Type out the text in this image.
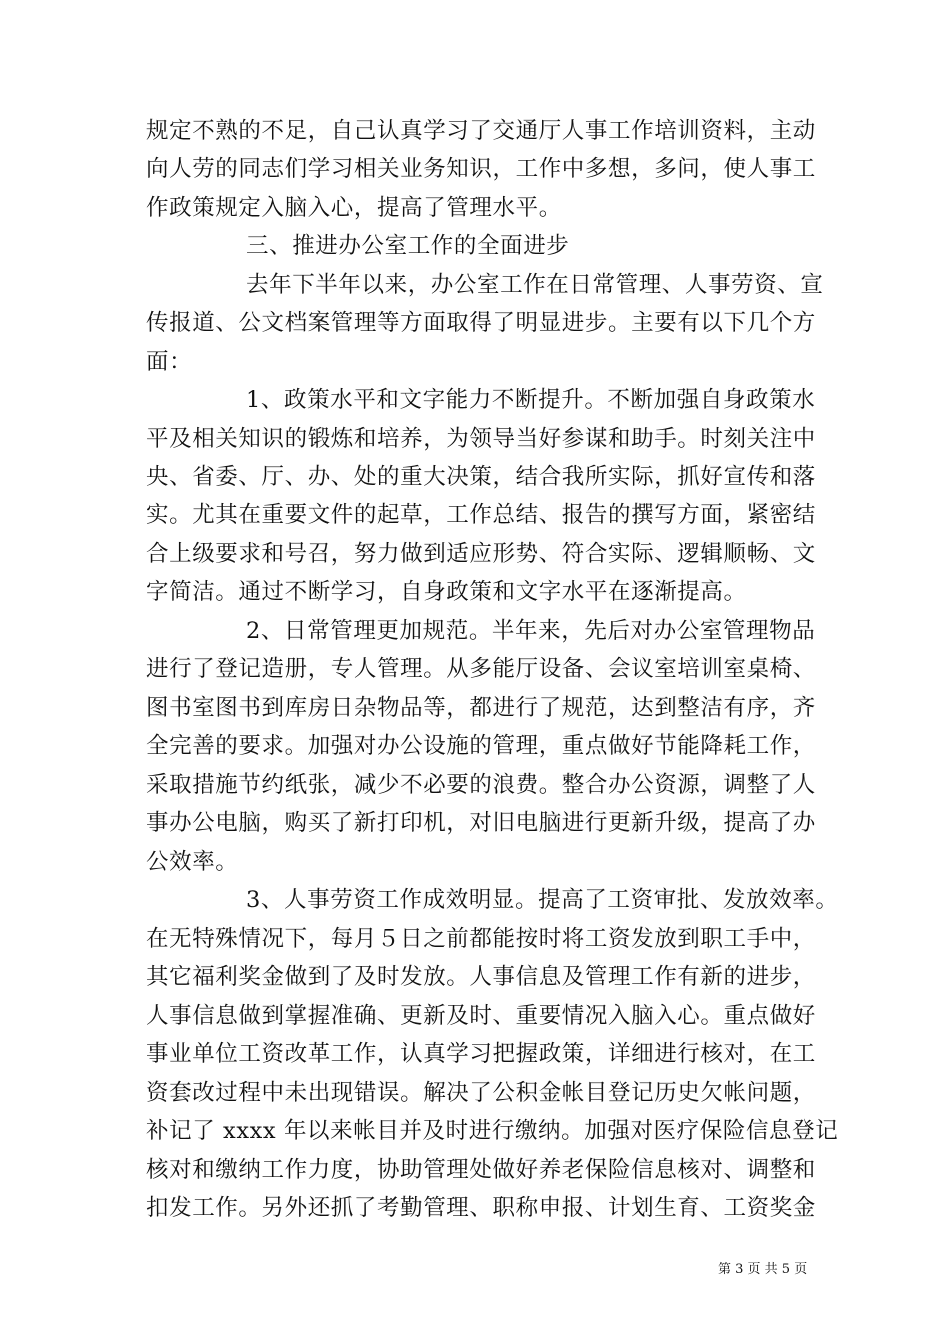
规定不熟的不足，自己认真学习了交通厅人事工作培训资料，主动
向人劳的同志们学习相关业务知识，工作中多想，多问，使人事工
作政策规定入脑入心，提高了管理水平。
三、推进办公室工作的全面进步
去年下半年以来，办公室工作在日常管理、人事劳资、宣
传报道、公文档案管理等方面取得了明显进步。主要有以下几个方
面：
1、政策水平和文字能力不断提升。不断加强自身政策水
平及相关知识的锻炼和培养，为领导当好参谋和助手。时刻关注中
央、省委、厅、办、处的重大决策，结合我所实际，抓好宣传和落
实。尤其在重要文件的起草，工作总结、报告的撰写方面，紧密结
合上级要求和号召，努力做到适应形势、符合实际、逻辑顺畅、文
字简洁。通过不断学习，自身政策和文字水平在逐渐提高。
2、日常管理更加规范。半年来，先后对办公室管理物品
进行了登记造册，专人管理。从多能厅设备、会议室培训室桌椅、
图书室图书到库房日杂物品等，都进行了规范，达到整洁有序，齐
全完善的要求。加强对办公设施的管理，重点做好节能降耗工作，
采取措施节约纸张，减少不必要的浪费。整合办公资源，调整了人
事办公电脑，购买了新打印机，对旧电脑进行更新升级，提高了办
公效率。
3、人事劳资工作成效明显。提高了工资审批、发放效率。
在无特殊情况下，每月５日之前都能按时将工资发放到职工手中，
其它福利奖金做到了及时发放。人事信息及管理工作有新的进步，
人事信息做到掌握准确、更新及时、重要情况入脑入心。重点做好
事业单位工资改革工作，认真学习把握政策，详细进行核对，在工
资套改过程中未出现错误。解决了公积金帐目登记历史欠帐问题，
补记了 xxxx 年以来帐目并及时进行缴纳。加强对医疗保险信息登记
核对和缴纳工作力度，协助管理处做好养老保险信息核对、调整和
扣发工作。另外还抓了考勤管理、职称申报、计划生育、工资奖金
第 3 页 共 5 页
